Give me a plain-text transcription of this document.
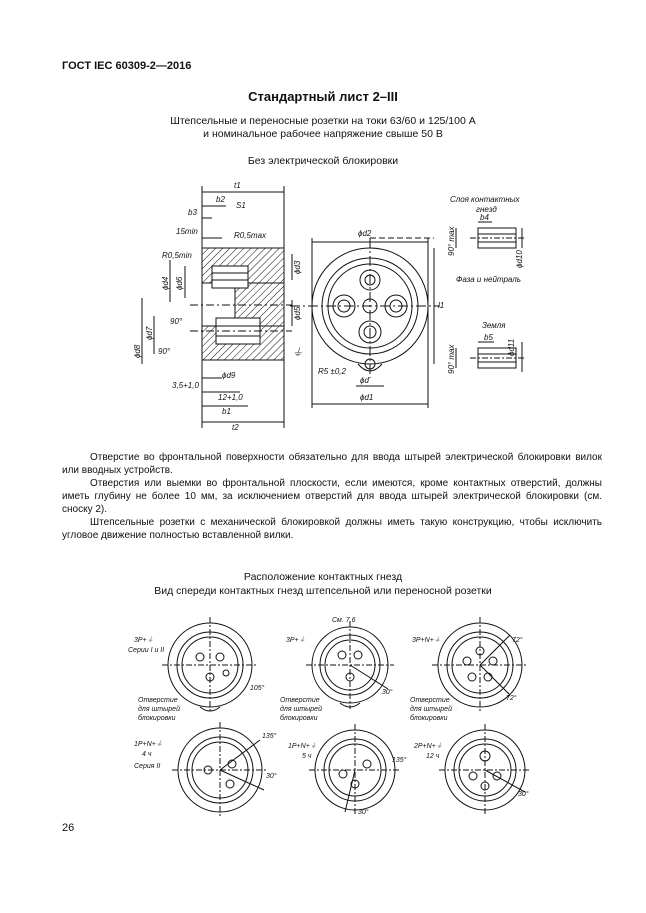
ГОСТ IEC 60309-2—2016
Стандартный лист 2–III
Штепсельные и переносные розетки на токи 63/60 и 125/100 А
и номинальное рабочее напряжение свыше 50 В
Без электрической блокировки
t1
b2
S1
b3
15min	R0,5max
R0,5min
ϕd4 ϕd6
ϕd3
ϕd5
ϕd7
90°
ϕd8 90°
3,5+1,0
ϕd9
12+1,0
b1
t2
ϕd2
l1
R5 ±0,2
ϕd
ϕd1
⏚
Слоя контактных
гнезд
b4
ϕd10
90° max
Фаза и нейтраль
Земля
b5
ϕd11
90° max

Отверстие во фронтальной поверхности обязательно для ввода штырей электрической блокировки вилок или вводных устройств.

Отверстия или выемки во фронтальной плоскости, если имеются, кроме контактных отверстий, должны иметь глубину не более 10 мм, за исключением отверстий для ввода штырей электрической блокировки (см. сноску 2).

Штепсельные розетки с механической блокировкой должны иметь такую конструкцию, чтобы исключить угловое движение полностью вставленной вилки.

Расположение контактных гнезд
Вид спереди контактных гнезд штепсельной или переносной розетки
3P+⏚
Серии I и II
105°
Отверстие
для штырей
блокировки
См. 7.6
3P+⏚
30°
Отверстие
для штырей
блокировки
3P+N+⏚	72°
72°
Отверстие
для штырей
блокировки
1P+N+⏚
4 ч
Серия II
135°
30°
1P+N+⏚
5 ч
135°
30°
2P+N+⏚
12 ч
30°
26
